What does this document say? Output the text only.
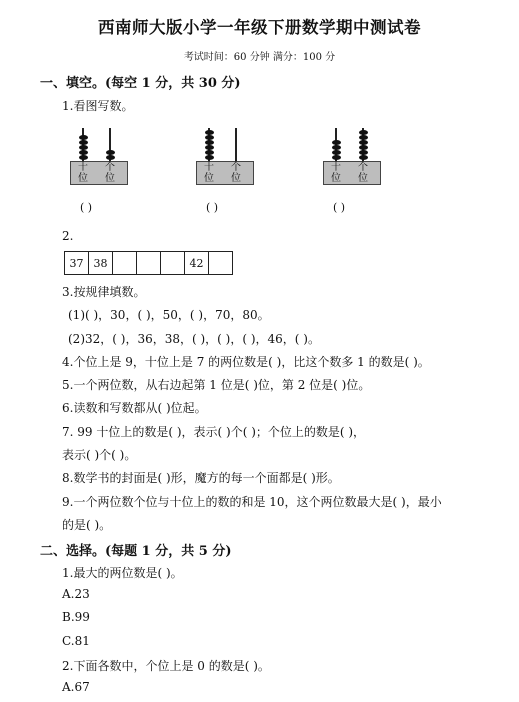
西南师大版小学一年级下册数学期中测试卷
考试时间：60 分钟 满分：100 分
一、填空。(每空 1 分，共 30 分)
1.看图写数。
十位
个位
( )
十位
个位
( )
十位
个位
( )
2.
37	38				42	
3.按规律填数。
(1)( )，30，( )，50，( )，70，80。
(2)32，( )，36，38，( )，( )，( )，46，( )。
4.个位上是 9，十位上是 7 的两位数是( )，比这个数多 1 的数是( )。
5.一个两位数，从右边起第 1 位是( )位，第 2 位是( )位。
6.读数和写数都从( )位起。
7. 99 十位上的数是( )，表示( )个( )；个位上的数是( )，
表示( )个( )。
8.数学书的封面是( )形，魔方的每一个面都是( )形。
9.一个两位数个位与十位上的数的和是 10，这个两位数最大是( )，最小
的是( )。
二、选择。(每题 1 分，共 5 分)
1.最大的两位数是( )。
A.23
B.99
C.81
2.下面各数中，个位上是 0 的数是( )。
A.67
